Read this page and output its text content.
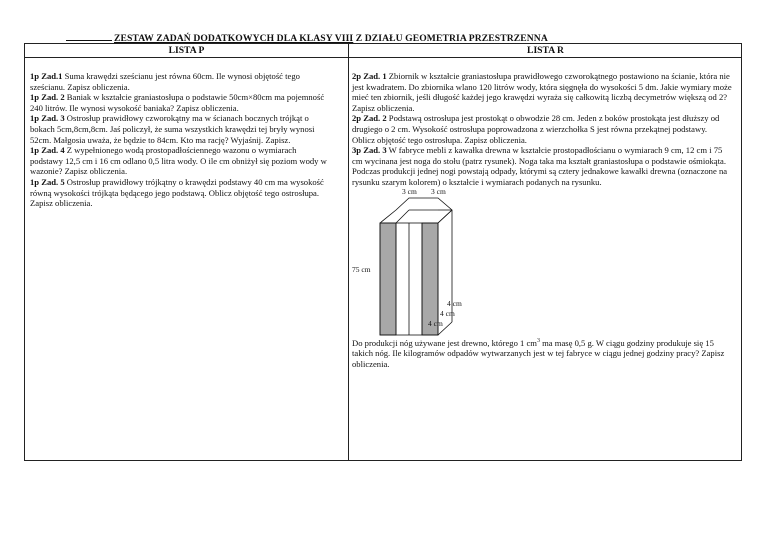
ZESTAW ZADAŃ DODATKOWYCH DLA KLASY VIII Z DZIAŁU GEOMETRIA PRZESTRZENNA
LISTA P	LISTA R

1p Zad.1 Suma krawędzi sześcianu jest równa 60cm. Ile wynosi objętość tego sześcianu. Zapisz obliczenia.

1p Zad. 2 Baniak w kształcie graniastosłupa o podstawie 50cm×80cm ma pojemność 240 litrów. Ile wynosi wysokość baniaka? Zapisz obliczenia.

1p Zad. 3 Ostrosłup prawidłowy czworokątny ma w ścianach bocznych trójkąt o bokach 5cm,8cm,8cm. Jaś policzył, że suma wszystkich krawędzi tej bryły wynosi 52cm. Małgosia uważa, że będzie to 84cm. Kto ma rację? Wyjaśnij. Zapisz.

1p Zad. 4 Z wypełnionego wodą prostopadłościennego wazonu o wymiarach podstawy 12,5 cm i 16 cm odlano 0,5 litra wody. O ile cm obniżył się poziom wody w wazonie? Zapisz obliczenia.

1p Zad. 5 Ostrosłup prawidłowy trójkątny o krawędzi podstawy 40 cm ma wysokość równą wysokości trójkąta będącego jego podstawą. Oblicz objętość tego ostrosłupa. Zapisz obliczenia.

2p Zad. 1 Zbiornik w kształcie graniastosłupa prawidłowego czworokątnego postawiono na ścianie, która nie jest kwadratem. Do zbiornika wlano 120 litrów wody, która sięgnęła do wysokości 5 dm. Jakie wymiary może mieć ten zbiornik, jeśli długość każdej jego krawędzi wyraża się całkowitą liczbą decymetrów większą od 2? Zapisz obliczenia.

2p Zad. 2 Podstawą ostrosłupa jest prostokąt o obwodzie 28 cm. Jeden z boków prostokąta jest dłuższy od drugiego o 2 cm. Wysokość ostrosłupa poprowadzona z wierzchołka S jest równa przekątnej podstawy. Oblicz objętość tego ostrosłupa. Zapisz obliczenia.

3p Zad. 3 W fabryce mebli z kawałka drewna w kształcie prostopadłościanu o wymiarach 9 cm, 12 cm i 75 cm wycinana jest noga do stołu (patrz rysunek). Noga taka ma kształt graniastosłupa o podstawie ośmiokąta. Podczas produkcji jednej nogi powstają odpady, którymi są cztery jednakowe kawałki drewna (oznaczone na rysunku szarym kolorem) o kształcie i wymiarach podanych na rysunku.

3 cm 3 cm
75 cm
4 cm
4 cm
4 cm

Do produkcji nóg używane jest drewno, którego 1 $cm^3$ ma masę 0,5 g. W ciągu godziny produkuje się 15 takich nóg. Ile kilogramów odpadów wytwarzanych jest w tej fabryce w ciągu jednej godziny pracy? Zapisz obliczenia.
